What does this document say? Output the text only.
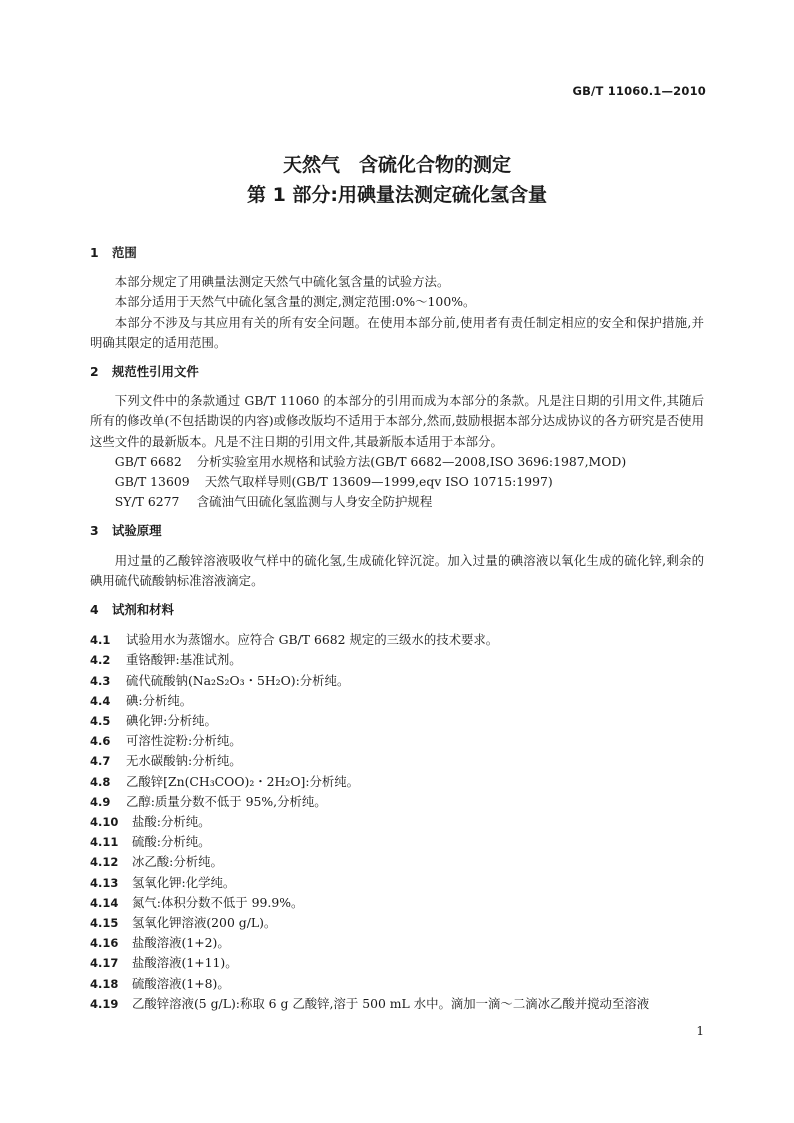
GB/T 11060.1—2010
天然气　含硫化合物的测定
第 1 部分:用碘量法测定硫化氢含量
1 范围

本部分规定了用碘量法测定天然气中硫化氢含量的试验方法。

本部分适用于天然气中硫化氢含量的测定,测定范围:0%～100%。

本部分不涉及与其应用有关的所有安全问题。在使用本部分前,使用者有责任制定相应的安全和保护措施,并明确其限定的适用范围。

2 规范性引用文件

下列文件中的条款通过 GB/T 11060 的本部分的引用而成为本部分的条款。凡是注日期的引用文件,其随后所有的修改单(不包括勘误的内容)或修改版均不适用于本部分,然而,鼓励根据本部分达成协议的各方研究是否使用这些文件的最新版本。凡是不注日期的引用文件,其最新版本适用于本部分。

GB/T 6682 分析实验室用水规格和试验方法(GB/T 6682—2008,ISO 3696:1987,MOD)
GB/T 13609 天然气取样导则(GB/T 13609—1999,eqv ISO 10715:1997)
SY/T 6277 含硫油气田硫化氢监测与人身安全防护规程
3 试验原理

用过量的乙酸锌溶液吸收气样中的硫化氢,生成硫化锌沉淀。加入过量的碘溶液以氧化生成的硫化锌,剩余的碘用硫代硫酸钠标准溶液滴定。

4 试剂和材料
4.1 试验用水为蒸馏水。应符合 GB/T 6682 规定的三级水的技术要求。
4.2 重铬酸钾:基准试剂。
4.3 硫代硫酸钠(Na₂S₂O₃・5H₂O):分析纯。
4.4 碘:分析纯。
4.5 碘化钾:分析纯。
4.6 可溶性淀粉:分析纯。
4.7 无水碳酸钠:分析纯。
4.8 乙酸锌[Zn(CH₃COO)₂・2H₂O]:分析纯。
4.9 乙醇:质量分数不低于 95%,分析纯。
4.10 盐酸:分析纯。
4.11 硫酸:分析纯。
4.12 冰乙酸:分析纯。
4.13 氢氧化钾:化学纯。
4.14 氮气:体积分数不低于 99.9%。
4.15 氢氧化钾溶液(200 g/L)。
4.16 盐酸溶液(1+2)。
4.17 盐酸溶液(1+11)。
4.18 硫酸溶液(1+8)。
4.19 乙酸锌溶液(5 g/L):称取 6 g 乙酸锌,溶于 500 mL 水中。滴加一滴～二滴冰乙酸并搅动至溶液
1
